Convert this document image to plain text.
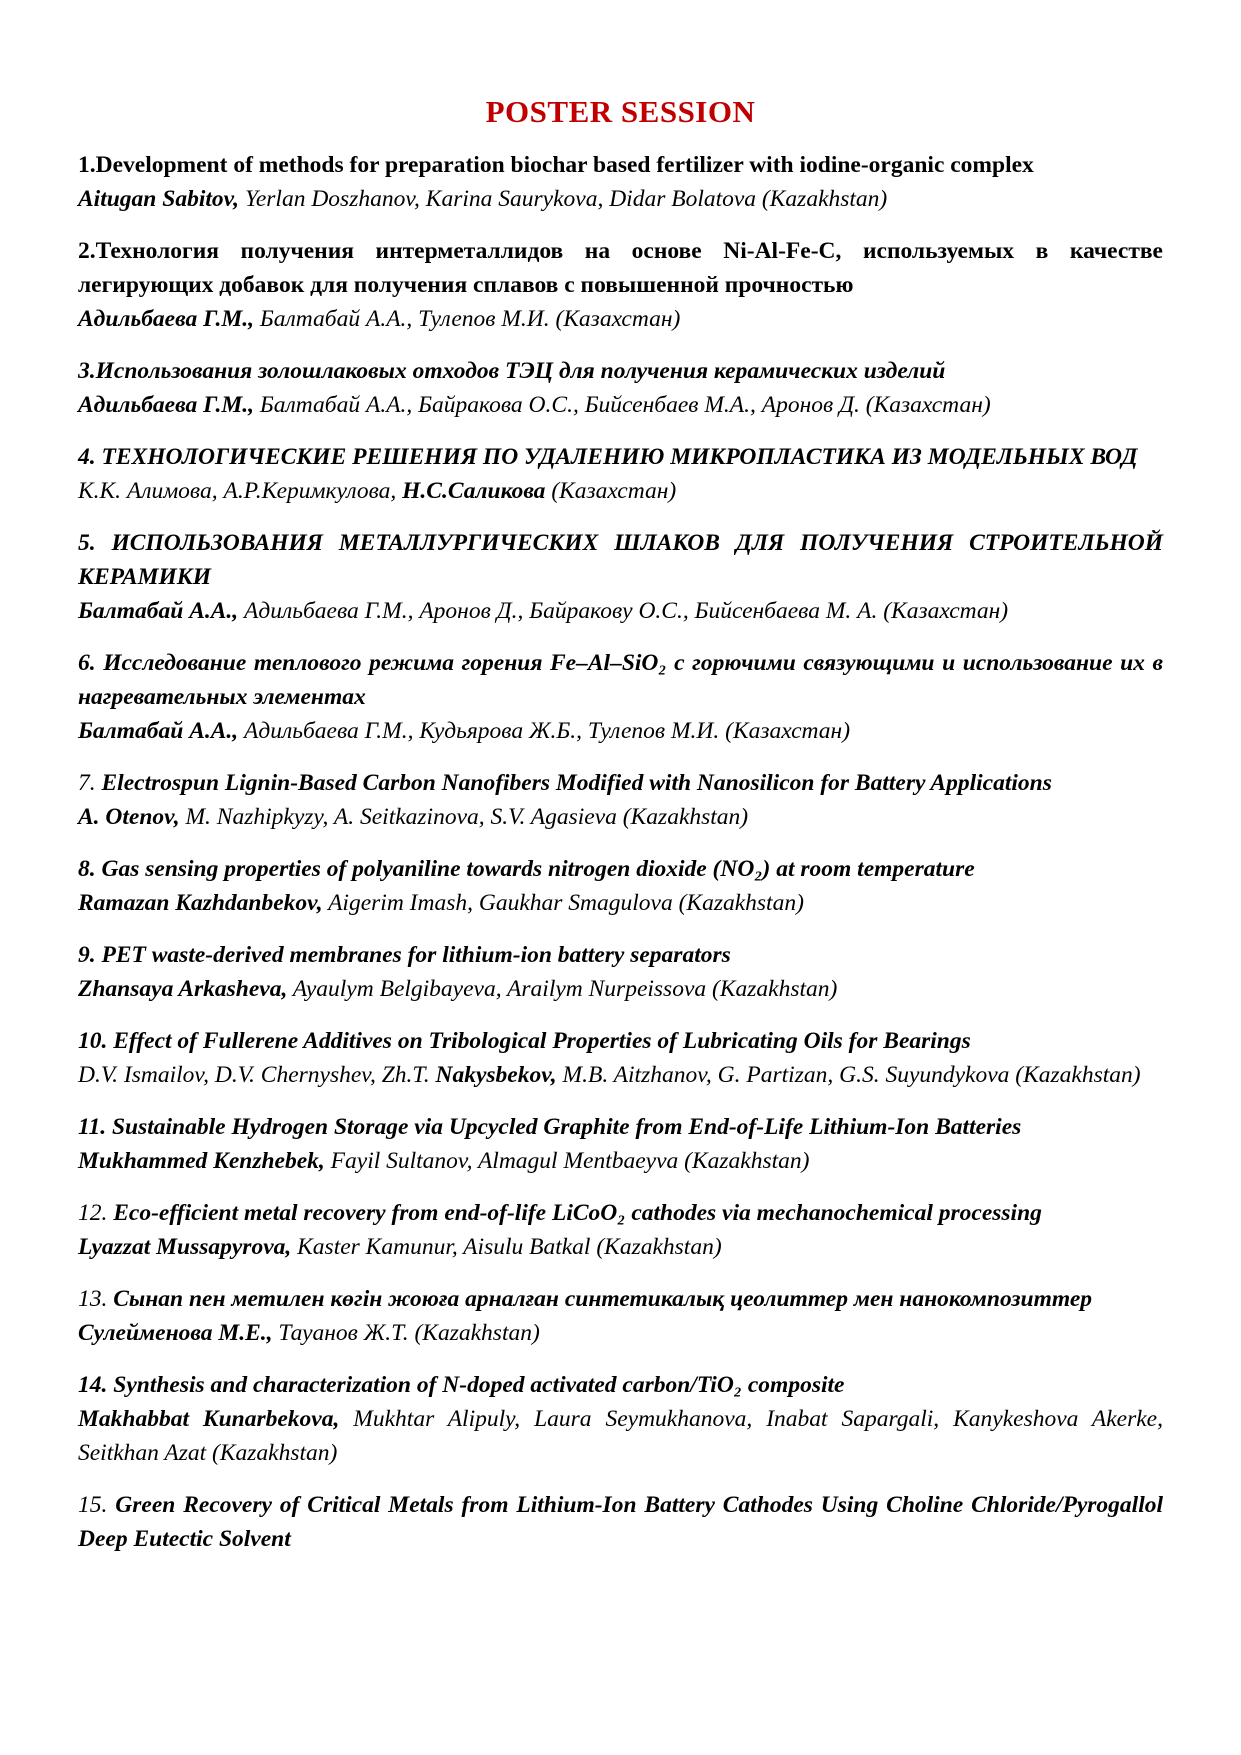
POSTER SESSION

1.Development of methods for preparation biochar based fertilizer with iodine-organic complex

Aitugan Sabitov, Yerlan Doszhanov, Karina Saurykova, Didar Bolatova (Kazakhstan)

2.Технология получения интерметаллидов на основе Ni-Al-Fe-C, используемых в качестве легирующих добавок для получения сплавов с повышенной прочностью

Адильбаева Г.М., Балтабай А.А., Тулепов М.И. (Казахстан)

3.Использования золошлаковых отходов ТЭЦ для получения керамических изделий

Адильбаева Г.М., Балтабай А.А., Байракова О.С., Бийсенбаев М.А., Аронов Д. (Казахстан)

4. ТЕХНОЛОГИЧЕСКИЕ РЕШЕНИЯ ПО УДАЛЕНИЮ МИКРОПЛАСТИКА ИЗ МОДЕЛЬНЫХ ВОД

К.К. Алимова, А.Р.Керимкулова, Н.С.Саликова (Казахстан)

5. ИСПОЛЬЗОВАНИЯ МЕТАЛЛУРГИЧЕСКИХ ШЛАКОВ ДЛЯ ПОЛУЧЕНИЯ СТРОИТЕЛЬНОЙ КЕРАМИКИ

Балтабай А.А., Адильбаева Г.М., Аронов Д., Байракову О.С., Бийсенбаева М. А. (Казахстан)

6. Исследование теплового режима горения Fe–Al–SiO₂ с горючими связующими и использование их в нагревательных элементах

Балтабай А.А., Адильбаева Г.М., Кудьярова Ж.Б., Тулепов М.И. (Казахстан)

7. Electrospun Lignin-Based Carbon Nanofibers Modified with Nanosilicon for Battery Applications

A. Otenov, M. Nazhipkyzy, A. Seitkazinova, S.V. Agasieva (Kazakhstan)

8. Gas sensing properties of polyaniline towards nitrogen dioxide (NO₂) at room temperature

Ramazan Kazhdanbekov, Aigerim Imash, Gaukhar Smagulova (Kazakhstan)

9. PET waste-derived membranes for lithium-ion battery separators

Zhansaya Arkasheva, Ayaulym Belgibayeva, Arailym Nurpeissova (Kazakhstan)

10. Effect of Fullerene Additives on Tribological Properties of Lubricating Oils for Bearings

D.V. Ismailov, D.V. Chernyshev, Zh.T. Nakysbekov, M.B. Aitzhanov, G. Partizan, G.S. Suyundykova (Kazakhstan)

11. Sustainable Hydrogen Storage via Upcycled Graphite from End-of-Life Lithium-Ion Batteries

Mukhammed Kenzhebek, Fayil Sultanov, Almagul Mentbaeyva (Kazakhstan)

12. Eco-efficient metal recovery from end-of-life LiCoO₂ cathodes via mechanochemical processing

Lyazzat Mussapyrova, Kaster Kamunur, Aisulu Batkal (Kazakhstan)

13. Сынап пен метилен көгін жоюға арналған синтетикалық цеолиттер мен нанокомпозиттер

Сулейменова М.Е., Тауанов Ж.Т. (Kazakhstan)

14. Synthesis and characterization of N-doped activated carbon/TiO₂ composite

Makhabbat Kunarbekova, Mukhtar Alipuly, Laura Seymukhanova, Inabat Sapargali, Kanykeshova Akerke, Seitkhan Azat (Kazakhstan)

15. Green Recovery of Critical Metals from Lithium-Ion Battery Cathodes Using Choline Chloride/Pyrogallol Deep Eutectic Solvent
